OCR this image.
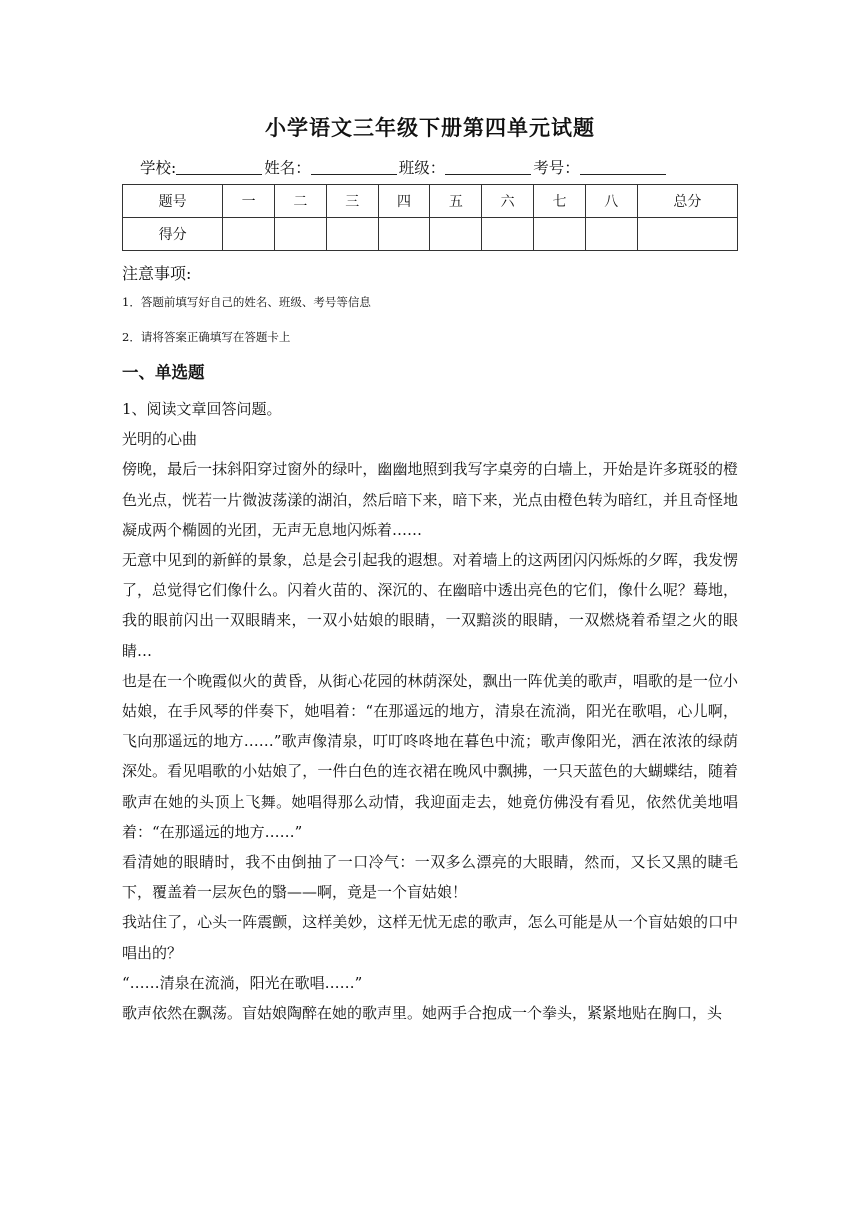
小学语文三年级下册第四单元试题
学校:	姓名：	班级：	考号：
题号	一	二	三	四	五	六	七	八	总分
得分									
注意事项:
1．答题前填写好自己的姓名、班级、考号等信息
2．请将答案正确填写在答题卡上
一、单选题

1、阅读文章回答问题。

光明的心曲

傍晚，最后一抹斜阳穿过窗外的绿叶，幽幽地照到我写字桌旁的白墙上，开始是许多斑驳的橙色光点，恍若一片微波荡漾的湖泊，然后暗下来，暗下来，光点由橙色转为暗红，并且奇怪地凝成两个椭圆的光团，无声无息地闪烁着……

无意中见到的新鲜的景象，总是会引起我的遐想。对着墙上的这两团闪闪烁烁的夕晖，我发愣了，总觉得它们像什么。闪着火苗的、深沉的、在幽暗中透出亮色的它们，像什么呢？蓦地，我的眼前闪出一双眼睛来，一双小姑娘的眼睛，一双黯淡的眼睛，一双燃烧着希望之火的眼睛…

也是在一个晚霞似火的黄昏，从街心花园的林荫深处，飘出一阵优美的歌声，唱歌的是一位小姑娘，在手风琴的伴奏下，她唱着：“在那遥远的地方，清泉在流淌，阳光在歌唱，心儿啊，飞向那遥远的地方……”歌声像清泉，叮叮咚咚地在暮色中流；歌声像阳光，洒在浓浓的绿荫深处。看见唱歌的小姑娘了，一件白色的连衣裙在晚风中飘拂，一只天蓝色的大蝴蝶结，随着歌声在她的头顶上飞舞。她唱得那么动情，我迎面走去，她竟仿佛没有看见，依然优美地唱着：“在那遥远的地方……”

看清她的眼睛时，我不由倒抽了一口冷气：一双多么漂亮的大眼睛，然而，又长又黑的睫毛下，覆盖着一层灰色的翳——啊，竟是一个盲姑娘！

我站住了，心头一阵震颤，这样美妙，这样无忧无虑的歌声，怎么可能是从一个盲姑娘的口中唱出的？

“……清泉在流淌，阳光在歌唱……”

歌声依然在飘荡。盲姑娘陶醉在她的歌声里。她两手合抱成一个拳头，紧紧地贴在胸口，头
